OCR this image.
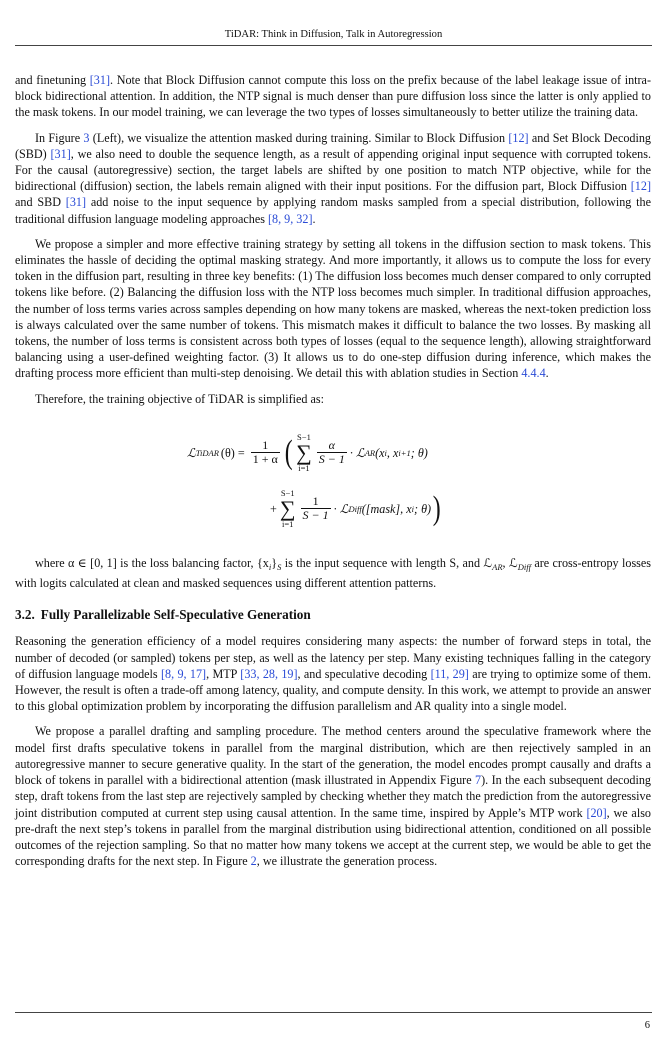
TiDAR: Think in Diffusion, Talk in Autoregression

and finetuning [31]. Note that Block Diffusion cannot compute this loss on the prefix because of the label leakage issue of intra-block bidirectional attention. In addition, the NTP signal is much denser than pure diffusion loss since the latter is only applied to the mask tokens. In our model training, we can leverage the two types of losses simultaneously to better utilize the training data.

In Figure 3 (Left), we visualize the attention masked during training. Similar to Block Diffusion [12] and Set Block Decoding (SBD) [31], we also need to double the sequence length, as a result of appending original input sequence with corrupted tokens. For the causal (autoregressive) section, the target labels are shifted by one position to match NTP objective, while for the bidirectional (diffusion) section, the labels remain aligned with their input positions. For the diffusion part, Block Diffusion [12] and SBD [31] add noise to the input sequence by applying random masks sampled from a special distribution, following the traditional diffusion language modeling approaches [8, 9, 32].

We propose a simpler and more effective training strategy by setting all tokens in the diffusion section to mask tokens. This eliminates the hassle of deciding the optimal masking strategy. And more importantly, it allows us to compute the loss for every token in the diffusion part, resulting in three key benefits: (1) The diffusion loss becomes much denser compared to only corrupted tokens like before. (2) Balancing the diffusion loss with the NTP loss becomes much simpler. In traditional diffusion approaches, the number of loss terms varies across samples depending on how many tokens are masked, whereas the next-token prediction loss is always calculated over the same number of tokens. This mismatch makes it difficult to balance the two losses. By masking all tokens, the number of loss terms is consistent across both types of losses (equal to the sequence length), allowing straightforward balancing using a user-defined weighting factor. (3) It allows us to do one-step diffusion during inference, which makes the drafting process more efficient than multi-step denoising. We detail this with ablation studies in Section 4.4.4.

Therefore, the training objective of TiDAR is simplified as:

ℒ TiDAR $(\theta) = \frac{1}{1 + \alpha}$ ( S−1
∑
i=1
$\frac{\alpha}{S - 1}$ · ℒ AR (x i , x i+1 ; θ)
+
S−1
∑
i=1
$\frac{1}{S - 1}$ · ℒ Diff ([mask], x i ; θ) )

where α ∈ [0, 1] is the loss balancing factor, $\{x_i\}_S$ is the input sequence with length S, and ℒ$_{AR}$, ℒ$_{Diff}$ are cross-entropy losses with logits calculated at clean and masked sequences using different attention patterns.

3.2. Fully Parallelizable Self-Speculative Generation

Reasoning the generation efficiency of a model requires considering many aspects: the number of forward steps in total, the number of decoded (or sampled) tokens per step, as well as the latency per step. Many existing techniques falling in the category of diffusion language models [8, 9, 17], MTP [33, 28, 19], and speculative decoding [11, 29] are trying to optimize some of them. However, the result is often a trade-off among latency, quality, and compute density. In this work, we attempt to provide an answer to this global optimization problem by incorporating the diffusion parallelism and AR quality into a single model.

We propose a parallel drafting and sampling procedure. The method centers around the speculative framework where the model first drafts speculative tokens in parallel from the marginal distribution, which are then rejectively sampled in an autoregressive manner to secure generative quality. In the start of the generation, the model encodes prompt causally and drafts a block of tokens in parallel with a bidirectional attention (mask illustrated in Appendix Figure 7). In the each subsequent decoding step, draft tokens from the last step are rejectively sampled by checking whether they match the prediction from the autoregressive joint distribution computed at current step using causal attention. In the same time, inspired by Apple’s MTP work [20], we also pre-draft the next step’s tokens in parallel from the marginal distribution using bidirectional attention, conditioned on all possible outcomes of the rejection sampling. So that no matter how many tokens we accept at the current step, we would be able to get the corresponding drafts for the next step. In Figure 2, we illustrate the generation process.

6
